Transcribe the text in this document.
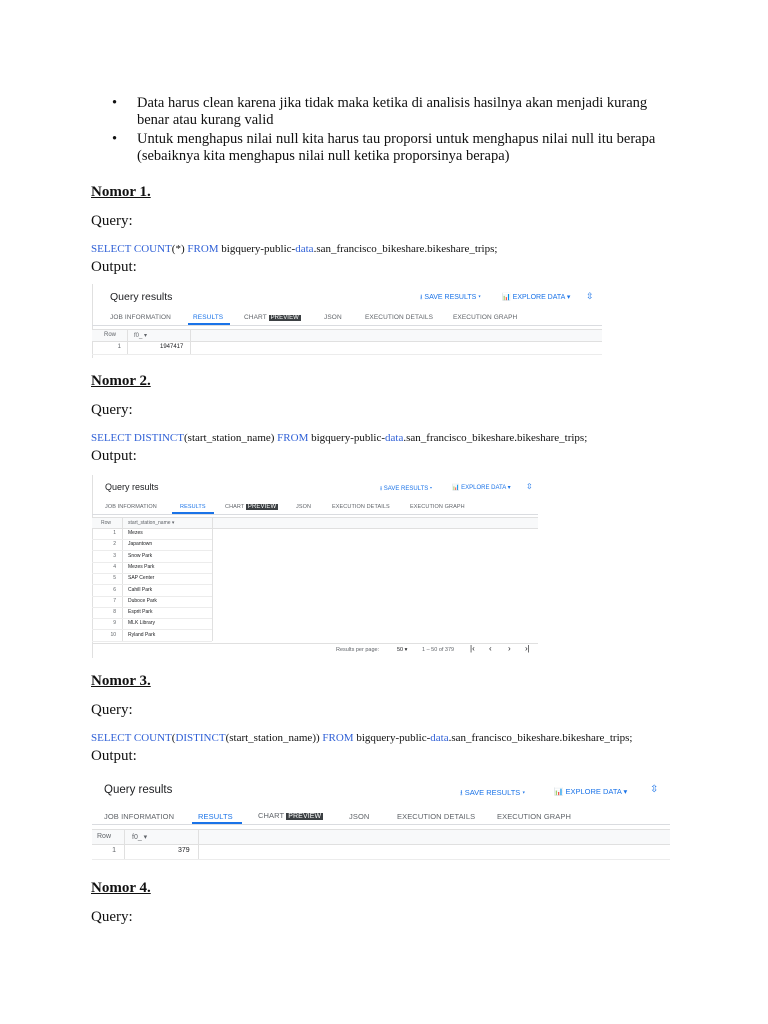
• Data harus clean karena jika tidak maka ketika di analisis hasilnya akan menjadi kurang benar atau kurang valid
• Untuk menghapus nilai null kita harus tau proporsi untuk menghapus nilai null itu berapa (sebaiknya kita menghapus nilai null ketika proporsinya berapa)
Nomor 1.
Query:
SELECT COUNT(*) FROM bigquery-public-data.san_francisco_bikeshare.bikeshare_trips;
Output:
Query results	⭳ SAVE RESULTS ▾	📊 EXPLORE DATA ▾ ⇳
JOB INFORMATION	RESULTS	CHART PREVIEW	JSON	EXECUTION DETAILS	EXECUTION GRAPH
Row	f0_ ▾
1	1947417
Nomor 2.
Query:
SELECT DISTINCT(start_station_name) FROM bigquery-public-data.san_francisco_bikeshare.bikeshare_trips;
Output:
Query results	⭳ SAVE RESULTS ▾	📊 EXPLORE DATA ▾ ⇳
JOB INFORMATION	RESULTS	CHART PREVIEW	JSON	EXECUTION DETAILS	EXECUTION GRAPH
Row	start_station_name ▾
1 Mezes
2 Japantown
3 Snow Park
4 Mezes Park
5 SAP Center
6 Cahill Park
7 Duboce Park
8 Esprit Park
9 MLK Library
10 Ryland Park
Results per page:	50 ▾	1 – 50 of 379 |‹ ‹ › ›|
Nomor 3.
Query:
SELECT COUNT(DISTINCT(start_station_name)) FROM bigquery-public-data.san_francisco_bikeshare.bikeshare_trips;
Output:
Query results	⭳ SAVE RESULTS ▾	📊 EXPLORE DATA ▾ ⇳
JOB INFORMATION	RESULTS	CHART PREVIEW	JSON	EXECUTION DETAILS	EXECUTION GRAPH
Row	f0_ ▾
1	379
Nomor 4.
Query:
